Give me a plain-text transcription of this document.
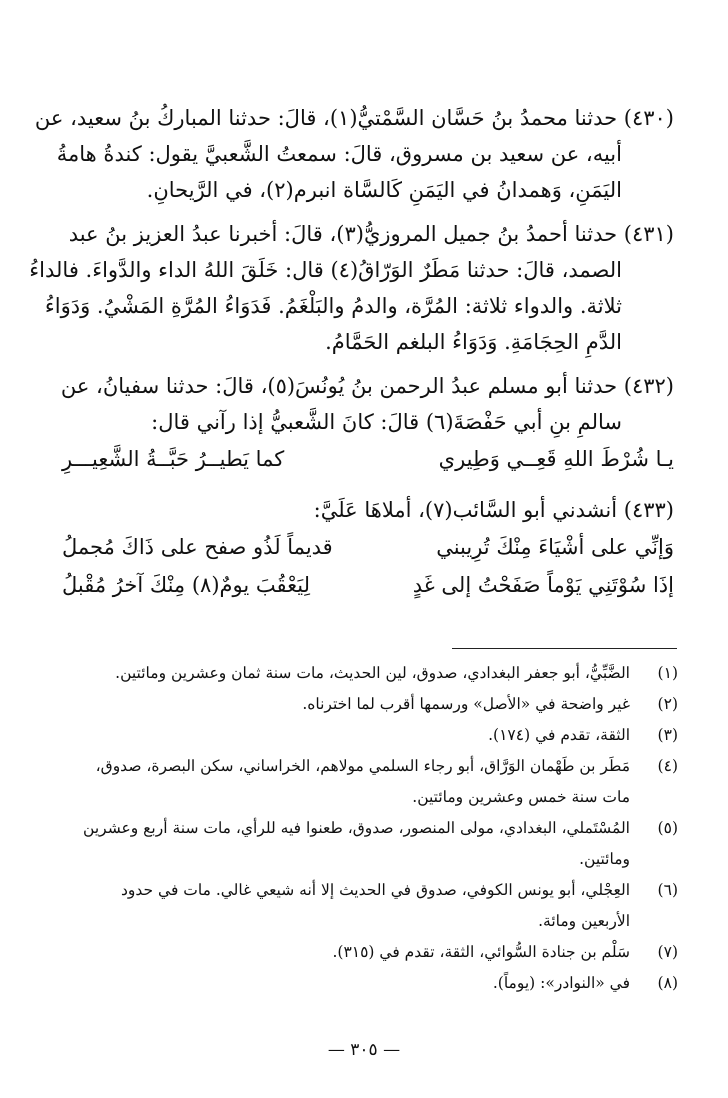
(٤٣٠) حدثنا محمدُ بنُ حَسَّان السَّمْتيُّ(١)، قالَ: حدثنا المباركُ بنُ سعيد، عن
أبيه، عن سعيد بن مسروق، قالَ: سمعتُ الشَّعبيَّ يقول: كندةُ هامةُ
اليَمَنِ، وَهمدانُ في اليَمَنِ كَالسَّاة انبرم(٢)، في الرَّيحانِ.
(٤٣١) حدثنا أحمدُ بنُ جميل المروزيُّ(٣)، قالَ: أخبرنا عبدُ العزيز بنُ عبد
الصمد، قالَ: حدثنا مَطَرٌ الوَرّاقُ(٤) قال: خَلَقَ اللهُ الداء والدَّواءَ. فالداءُ
ثلاثة. والدواء ثلاثة: المُرَّة، والدمُ والبَلْغَمُ. فَدَوَاءُ المُرَّةِ المَشْيُ. وَدَوَاءُ
الدَّمِ الحِجَامَةِ. وَدَوَاءُ البلغم الحَمَّامُ.
(٤٣٢) حدثنا أبو مسلم عبدُ الرحمن بنُ يُونُسَ(٥)، قالَ: حدثنا سفيانُ، عن
سالمِ بنِ أبي حَفْصَةَ(٦) قالَ: كانَ الشَّعبيُّ إذا رآني قال:
يـا شُرْطَ اللهِ قَعِــي وَطِيري
كما يَطيــرُ حَبَّــةُ الشَّعِيـــرِ
(٤٣٣) أنشدني أبو السَّائب(٧)، أملاهَا عَلَيَّ:
وَإنِّي على أشْيَاءَ مِنْكَ تُرِيبني
قديماً لَذُو صفح على ذَاكَ مُجملُ
إذَا سُوْتَنِي يَوْماً صَفَحْتُ إلى غَدٍ
لِيَعْقُبَ يومٌ(٨) مِنْكَ آخرُ مُقْبلُ
(١)
الضَّبِّيُّ، أبو جعفر البغدادي، صدوق، لين الحديث، مات سنة ثمان وعشرين ومائتين.
(٢)
غير واضحة في «الأصل» ورسمها أقرب لما اخترناه.
(٣)
الثقة، تقدم في (١٧٤).
(٤)
مَطَر بن طَهْمان الوَرَّاق، أبو رجاء السلمي مولاهم، الخراساني، سكن البصرة، صدوق،
مات سنة خمس وعشرين ومائتين.
(٥)
المُسْتَملي، البغدادي، مولى المنصور، صدوق، طعنوا فيه للرأي، مات سنة أربع وعشرين
ومائتين.
(٦)
العِجْلي، أبو يونس الكوفي، صدوق في الحديث إلا أنه شيعي غالي. مات في حدود
الأربعين ومائة.
(٧)
سَلْم بن جنادة السُّوائي، الثقة، تقدم في (٣١٥).
(٨)
في «النوادر»: (يوماً).
— ٣٠٥ —
